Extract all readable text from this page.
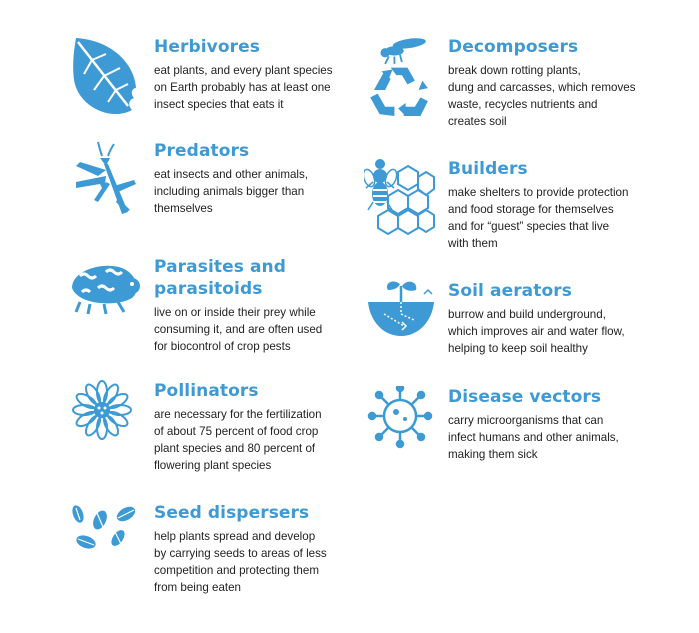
Herbivores

eat plants, and every plant species
on Earth probably has at least one
insect species that eats it

Decomposers

break down rotting plants,
dung and carcasses, which removes
waste, recycles nutrients and
creates soil

Predators

eat insects and other animals,
including animals bigger than
themselves

Builders

make shelters to provide protection
and food storage for themselves
and for “guest” species that live
with them

Parasites and
parasitoids

live on or inside their prey while
consuming it, and are often used
for biocontrol of crop pests

Soil aerators

burrow and build underground,
which improves air and water flow,
helping to keep soil healthy

Pollinators

are necessary for the fertilization
of about 75 percent of food crop
plant species and 80 percent of
flowering plant species

Disease vectors

carry microorganisms that can
infect humans and other animals,
making them sick

Seed dispersers

help plants spread and develop
by carrying seeds to areas of less
competition and protecting them
from being eaten
